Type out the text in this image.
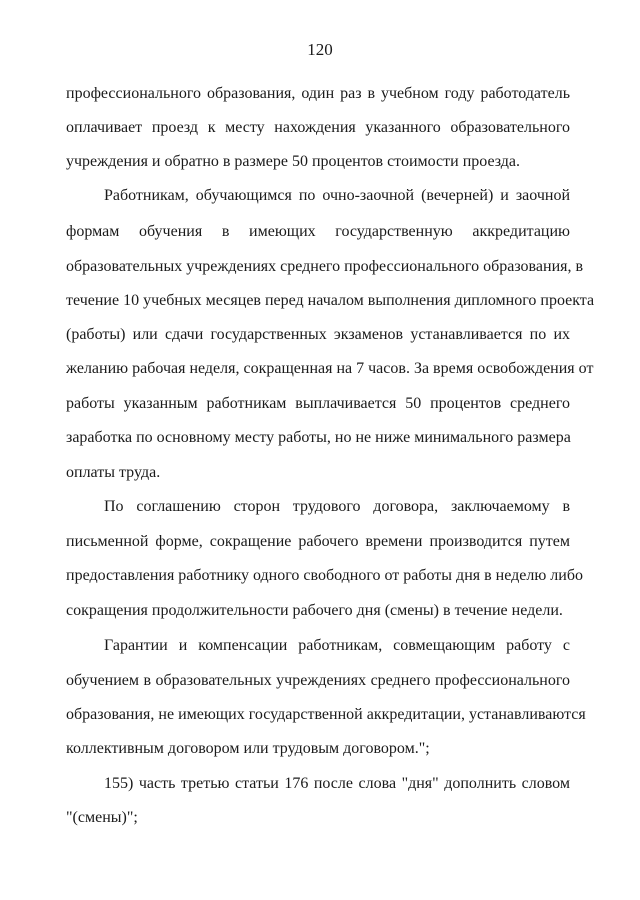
120
профессионального образования, один раз в учебном году работодатель
оплачивает проезд к месту нахождения указанного образовательного
учреждения и обратно в размере 50 процентов стоимости проезда.
Работникам, обучающимся по очно-заочной (вечерней) и заочной
формам обучения в имеющих государственную аккредитацию
образовательных учреждениях среднего профессионального образования, в
течение 10 учебных месяцев перед началом выполнения дипломного проекта
(работы) или сдачи государственных экзаменов устанавливается по их
желанию рабочая неделя, сокращенная на 7 часов. За время освобождения от
работы указанным работникам выплачивается 50 процентов среднего
заработка по основному месту работы, но не ниже минимального размера
оплаты труда.
По соглашению сторон трудового договора, заключаемому в
письменной форме, сокращение рабочего времени производится путем
предоставления работнику одного свободного от работы дня в неделю либо
сокращения продолжительности рабочего дня (смены) в течение недели.
Гарантии и компенсации работникам, совмещающим работу с
обучением в образовательных учреждениях среднего профессионального
образования, не имеющих государственной аккредитации, устанавливаются
коллективным договором или трудовым договором.";
155) часть третью статьи 176 после слова "дня" дополнить словом
"(смены)";
